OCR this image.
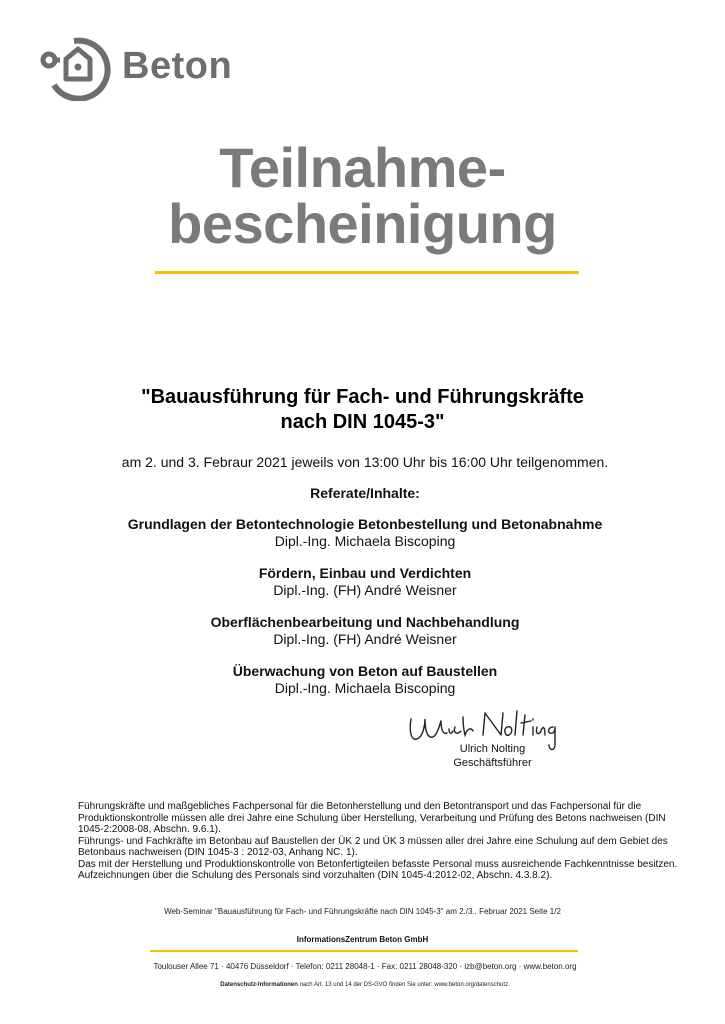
Beton
Teilnahme-
bescheinigung
"Bauausführung für Fach- und Führungskräfte
nach DIN 1045-3"
am 2. und 3. Febraur 2021 jeweils von 13:00 Uhr bis 16:00 Uhr teilgenommen.
Referate/Inhalte:
Grundlagen der Betontechnologie Betonbestellung und Betonabnahme
Dipl.-Ing. Michaela Biscoping
Fördern, Einbau und Verdichten
Dipl.-Ing. (FH) André Weisner
Oberflächenbearbeitung und Nachbehandlung
Dipl.-Ing. (FH) André Weisner
Überwachung von Beton auf Baustellen
Dipl.-Ing. Michaela Biscoping
Ulrich Nolting
Geschäftsführer

Führungskräfte und maßgebliches Fachpersonal für die Betonherstellung und den Betontransport und das Fachpersonal für die Produktionskontrolle müssen alle drei Jahre eine Schulung über Herstellung, Verarbeitung und Prüfung des Betons nachweisen (DIN 1045-2:2008-08, Abschn. 9.6.1).

Führungs- und Fachkräfte im Betonbau auf Baustellen der ÜK 2 und ÜK 3 müssen aller drei Jahre eine Schulung auf dem Gebiet des Betonbaus nachweisen (DIN 1045-3 : 2012-03, Anhang NC. 1).

Das mit der Herstellung und Produktionskontrolle von Betonfertigteilen befasste Personal muss ausreichende Fachkenntnisse besitzen. Aufzeichnungen über die Schulung des Personals sind vorzuhalten (DIN 1045-4:2012-02, Abschn. 4.3.8.2).

Web-Seminar "Bauausführung für Fach- und Führungskräfte nach DIN 1045-3" am 2./3.. Februar 2021 Seite 1/2
InformationsZentrum Beton GmbH
Toulouser Allee 71 · 40476 Düsseldorf · Telefon: 0211 28048-1 · Fax: 0211 28048-320 · izb@beton.org · www.beton.org
Datenschutz-Informationen nach Art. 13 und 14 der DS-GVO finden Sie unter: www.beton.org/datenschutz.
